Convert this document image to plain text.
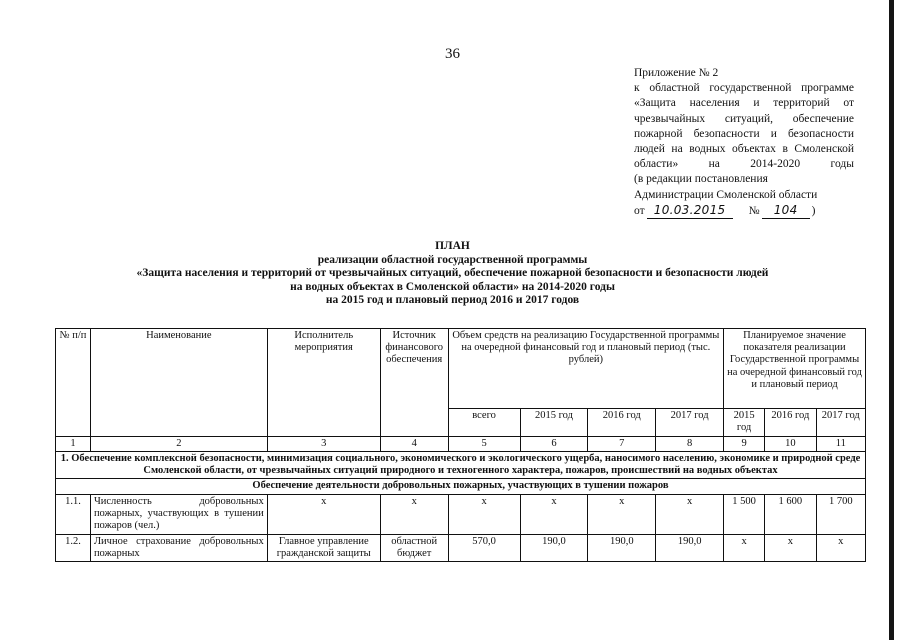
36
Приложение № 2
к областной государственной программе «Защита населения и территорий от чрезвычайных ситуаций, обеспечение пожарной безопасности и безопасности людей на водных объектах в Смоленской области» на 2014-2020 годы
(в редакции постановления
Администрации Смоленской области
от 10.03.2015	№	104	)
ПЛАН
реализации областной государственной программы
«Защита населения и территорий от чрезвычайных ситуаций, обеспечение пожарной безопасности и безопасности людей
на водных объектах в Смоленской области» на 2014-2020 годы
на 2015 год и плановый период 2016 и 2017 годов
№ п/п	Наименование	Исполнитель мероприятия	Источник финансового обеспечения	Объем средств на реализацию Государственной программы на очередной финансовый год и плановый период (тыс. рублей)				Планируемое значение показателя реализации Государственной программы на очередной финансовый год и плановый период		
				всего	2015 год	2016 год	2017 год	2015 год	2016 год	2017 год
1	2	3	4	5	6	7	8	9	10	11
1. Обеспечение комплексной безопасности, минимизация социального, экономического и экологического ущерба, наносимого населению, экономике и природной среде Смоленской области, от чрезвычайных ситуаций природного и техногенного характера, пожаров, происшествий на водных объектах										
Обеспечение деятельности добровольных пожарных, участвующих в тушении пожаров										
1.1.	Численность добровольных пожарных, участвующих в тушении пожаров (чел.)	х	х	х	х	х	х	1 500	1 600	1 700
1.2.	Личное страхование добровольных пожарных	Главное управление гражданской защиты	областной бюджет	570,0	190,0	190,0	190,0	х	х	х
